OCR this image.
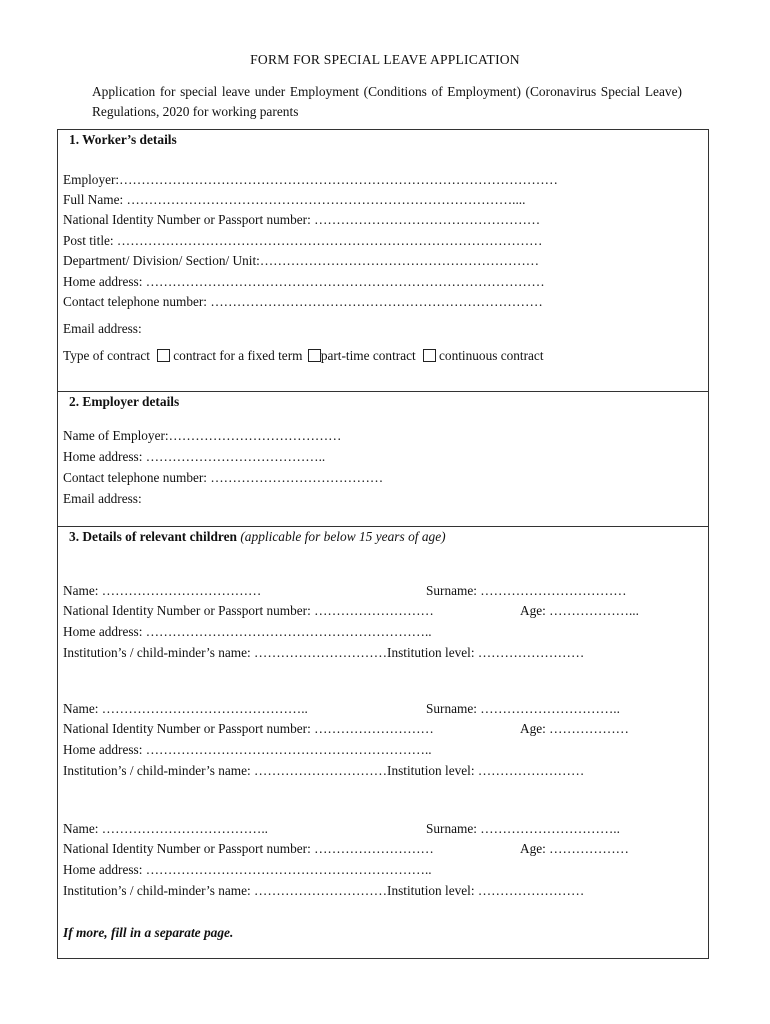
FORM FOR SPECIAL LEAVE APPLICATION
Application for special leave under Employment (Conditions of Employment) (Coronavirus Special Leave) Regulations, 2020 for working parents
1. Worker’s details
Employer:………………………………………………………………………………………
Full Name: ……………………………………………………………………………....
National Identity Number or Passport number: ……………………………………………
Post title: ……………………………………………………………………………………
Department/ Division/ Section/ Unit:………………………………………………………
Home address: ………………………………………………………………………………
Contact telephone number: …………………………………………………………………
Email address:
Type of contract contract for a fixed term part-time contract continuous contract
2. Employer details
Name of Employer:…………………………………
Home address: …………………………………..
Contact telephone number: …………………………………
Email address:
3. Details of relevant children (applicable for below 15 years of age)
Name: ………………………………	Surname: ……………………………
National Identity Number or Passport number: ………………………	Age: ………………...
Home address: ………………………………………………………..
Institution’s / child-minder’s name: …………………………Institution level: ……………………
Name: ………………………………………..	Surname: …………………………..
National Identity Number or Passport number: ………………………	Age: ………………
Home address: ………………………………………………………..
Institution’s / child-minder’s name: …………………………Institution level: ……………………
Name: ………………………………..	Surname: …………………………..
National Identity Number or Passport number: ………………………	Age: ………………
Home address: ………………………………………………………..
Institution’s / child-minder’s name: …………………………Institution level: ……………………
If more, fill in a separate page.
